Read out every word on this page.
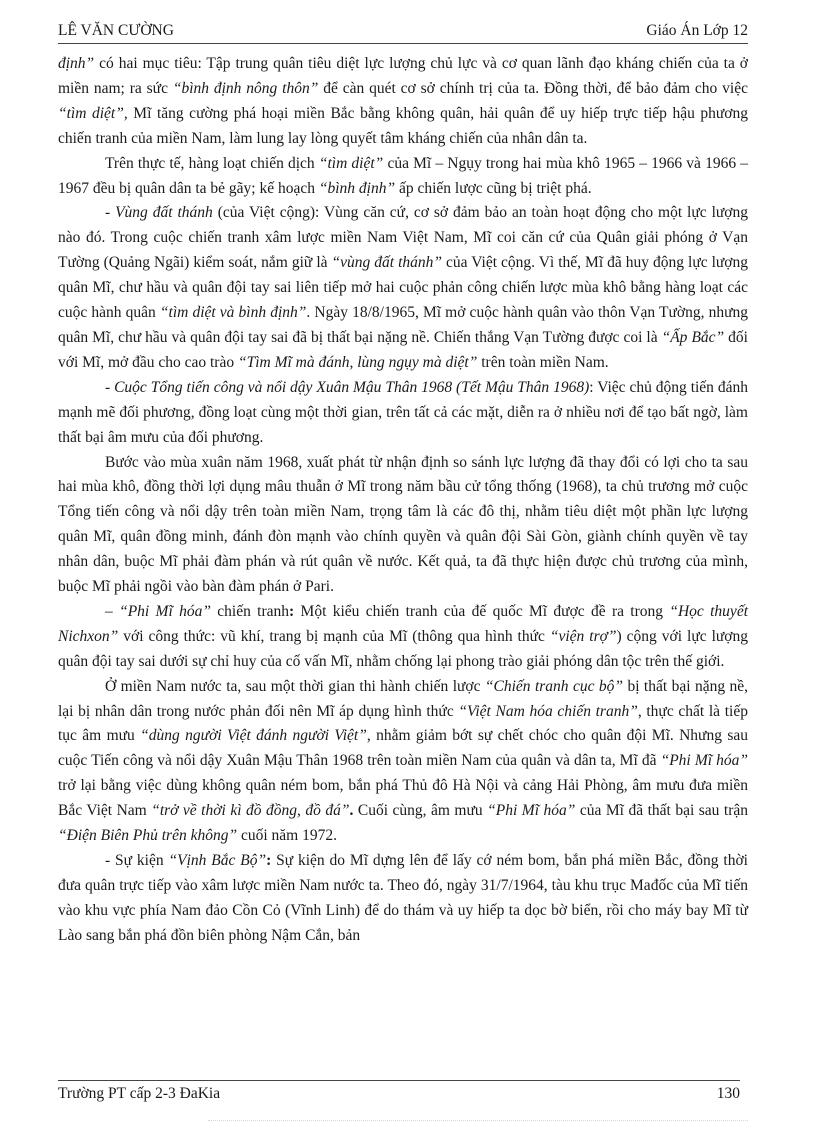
LÊ VĂN CƯỜNG	Giáo Án Lớp 12

định” có hai mục tiêu: Tập trung quân tiêu diệt lực lượng chủ lực và cơ quan lãnh đạo kháng chiến của ta ở miền nam; ra sức “bình định nông thôn” để càn quét cơ sở chính trị của ta. Đồng thời, để bảo đảm cho việc “tìm diệt”, Mĩ tăng cường phá hoại miền Bắc bằng không quân, hải quân để uy hiếp trực tiếp hậu phương chiến tranh của miền Nam, làm lung lay lòng quyết tâm kháng chiến của nhân dân ta.

Trên thực tế, hàng loạt chiến dịch “tìm diệt” của Mĩ – Ngụy trong hai mùa khô 1965 – 1966 và 1966 – 1967 đều bị quân dân ta bẻ gãy; kế hoạch “bình định” ấp chiến lược cũng bị triệt phá.

- Vùng đất thánh (của Việt cộng): Vùng căn cứ, cơ sở đảm bảo an toàn hoạt động cho một lực lượng nào đó. Trong cuộc chiến tranh xâm lược miền Nam Việt Nam, Mĩ coi căn cứ của Quân giải phóng ở Vạn Tường (Quảng Ngãi) kiểm soát, nắm giữ là “vùng đất thánh” của Việt cộng. Vì thế, Mĩ đã huy động lực lượng quân Mĩ, chư hầu và quân đội tay sai liên tiếp mở hai cuộc phản công chiến lược mùa khô bằng hàng loạt các cuộc hành quân “tìm diệt và bình định”. Ngày 18/8/1965, Mĩ mở cuộc hành quân vào thôn Vạn Tường, nhưng quân Mĩ, chư hầu và quân đội tay sai đã bị thất bại nặng nề. Chiến thắng Vạn Tường được coi là “Ấp Bắc” đối với Mĩ, mở đầu cho cao trào “Tìm Mĩ mà đánh, lùng ngụy mà diệt” trên toàn miền Nam.

- Cuộc Tổng tiến công và nổi dậy Xuân Mậu Thân 1968 (Tết Mậu Thân 1968): Việc chủ động tiến đánh mạnh mẽ đối phương, đồng loạt cùng một thời gian, trên tất cả các mặt, diễn ra ở nhiều nơi để tạo bất ngờ, làm thất bại âm mưu của đối phương.

Bước vào mùa xuân năm 1968, xuất phát từ nhận định so sánh lực lượng đã thay đổi có lợi cho ta sau hai mùa khô, đồng thời lợi dụng mâu thuẫn ở Mĩ trong năm bầu cử tổng thống (1968), ta chủ trương mở cuộc Tổng tiến công và nổi dậy trên toàn miền Nam, trọng tâm là các đô thị, nhằm tiêu diệt một phần lực lượng quân Mĩ, quân đồng minh, đánh đòn mạnh vào chính quyền và quân đội Sài Gòn, giành chính quyền về tay nhân dân, buộc Mĩ phải đàm phán và rút quân về nước. Kết quả, ta đã thực hiện được chủ trương của mình, buộc Mĩ phải ngồi vào bàn đàm phán ở Pari.

– “Phi Mĩ hóa” chiến tranh: Một kiểu chiến tranh của đế quốc Mĩ được đề ra trong “Học thuyết Nichxon” với công thức: vũ khí, trang bị mạnh của Mĩ (thông qua hình thức “viện trợ”) cộng với lực lượng quân đội tay sai dưới sự chỉ huy của cố vấn Mĩ, nhằm chống lại phong trào giải phóng dân tộc trên thế giới.

Ở miền Nam nước ta, sau một thời gian thi hành chiến lược “Chiến tranh cục bộ” bị thất bại nặng nề, lại bị nhân dân trong nước phản đối nên Mĩ áp dụng hình thức “Việt Nam hóa chiến tranh”, thực chất là tiếp tục âm mưu “dùng người Việt đánh người Việt”, nhằm giảm bớt sự chết chóc cho quân đội Mĩ. Nhưng sau cuộc Tiến công và nổi dậy Xuân Mậu Thân 1968 trên toàn miền Nam của quân và dân ta, Mĩ đã “Phi Mĩ hóa” trở lại bằng việc dùng không quân ném bom, bắn phá Thủ đô Hà Nội và cảng Hải Phòng, âm mưu đưa miền Bắc Việt Nam “trở về thời kì đồ đồng, đồ đá”. Cuối cùng, âm mưu “Phi Mĩ hóa” của Mĩ đã thất bại sau trận “Điện Biên Phủ trên không” cuối năm 1972.

- Sự kiện “Vịnh Bắc Bộ”: Sự kiện do Mĩ dựng lên để lấy cớ ném bom, bắn phá miền Bắc, đồng thời đưa quân trực tiếp vào xâm lược miền Nam nước ta. Theo đó, ngày 31/7/1964, tàu khu trục Mađốc của Mĩ tiến vào khu vực phía Nam đảo Cồn Cỏ (Vĩnh Linh) để do thám và uy hiếp ta dọc bờ biển, rồi cho máy bay Mĩ từ Lào sang bắn phá đồn biên phòng Nậm Cắn, bản

Trường PT cấp 2-3 ĐaKia	130
